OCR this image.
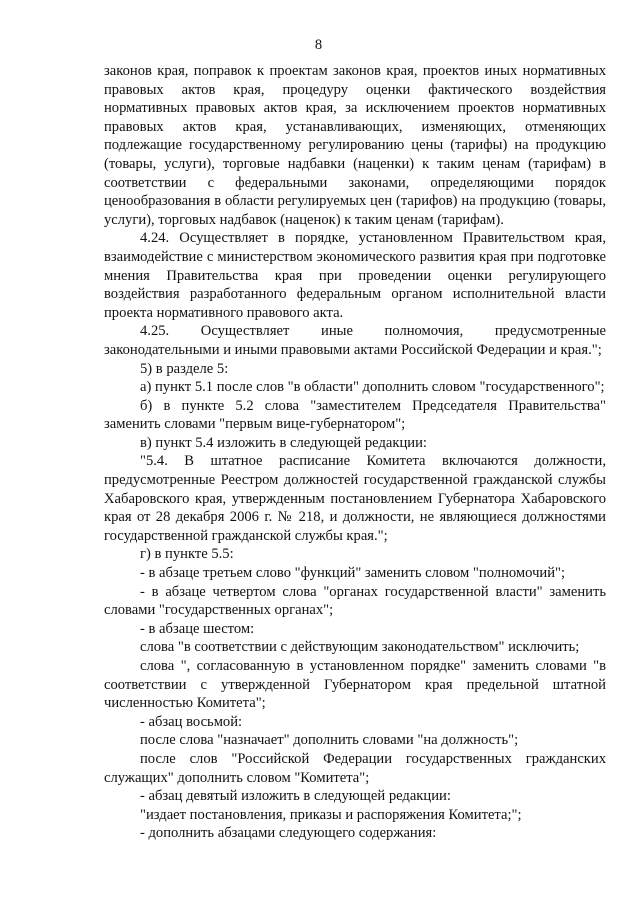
8

законов края, поправок к проектам законов края, проектов иных нормативных правовых актов края, процедуру оценки фактического воздействия нормативных правовых актов края, за исключением проектов нормативных правовых актов края, устанавливающих, изменяющих, отменяющих подлежащие государственному регулированию цены (тарифы) на продукцию (товары, услуги), торговые надбавки (наценки) к таким ценам (тарифам) в соответствии с федеральными законами, определяющими порядок ценообразования в области регулируемых цен (тарифов) на продукцию (товары, услуги), торговых надбавок (наценок) к таким ценам (тарифам).

4.24. Осуществляет в порядке, установленном Правительством края, взаимодействие с министерством экономического развития края при подготовке мнения Правительства края при проведении оценки регулирующего воздействия разработанного федеральным органом исполнительной власти проекта нормативного правового акта.

4.25. Осуществляет иные полномочия, предусмотренные законодательными и иными правовыми актами Российской Федерации и края.";

5) в разделе 5:

а) пункт 5.1 после слов "в области" дополнить словом "государственного";

б) в пункте 5.2 слова "заместителем Председателя Правительства" заменить словами "первым вице-губернатором";

в) пункт 5.4 изложить в следующей редакции:

"5.4. В штатное расписание Комитета включаются должности, предусмотренные Реестром должностей государственной гражданской службы Хабаровского края, утвержденным постановлением Губернатора Хабаровского края от 28 декабря 2006 г. № 218, и должности, не являющиеся должностями государственной гражданской службы края.";

г) в пункте 5.5:

- в абзаце третьем слово "функций" заменить словом "полномочий";

- в абзаце четвертом слова "органах государственной власти" заменить словами "государственных органах";

- в абзаце шестом:

слова "в соответствии с действующим законодательством" исключить;

слова ", согласованную в установленном порядке" заменить словами "в соответствии с утвержденной Губернатором края предельной штатной численностью Комитета";

- абзац восьмой:

после слова "назначает" дополнить словами "на должность";

после слов "Российской Федерации государственных гражданских служащих" дополнить словом "Комитета";

- абзац девятый изложить в следующей редакции:

"издает постановления, приказы и распоряжения Комитета;";

- дополнить абзацами следующего содержания:
